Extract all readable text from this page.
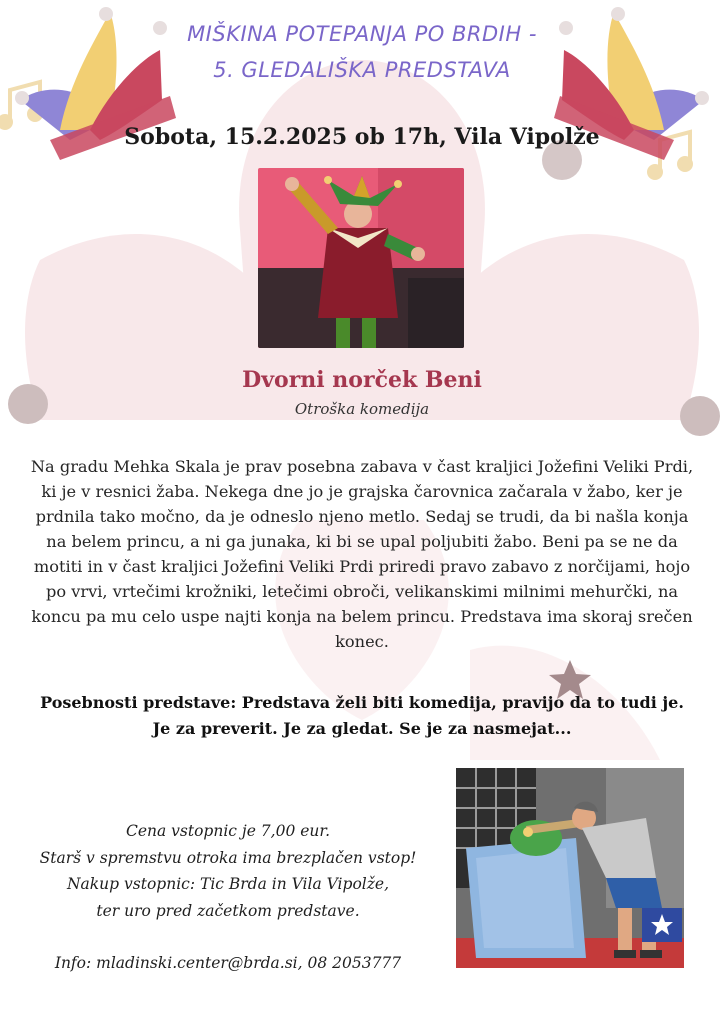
MIŠKINA POTEPANJA PO BRDIH -
5. GLEDALIŠKA PREDSTAVA
Sobota, 15.2.2025 ob 17h, Vila Vipolže
Dvorni norček Beni
Otroška komedija

Na gradu Mehka Skala je prav posebna zabava v čast kraljici Jožefini Veliki Prdi, ki je v resnici žaba. Nekega dne jo je grajska čarovnica začarala v žabo, ker je prdnila tako močno, da je odneslo njeno metlo. Sedaj se trudi, da bi našla konja na belem princu, a ni ga junaka, ki bi se upal poljubiti žabo. Beni pa se ne da motiti in v čast kraljici Jožefini Veliki Prdi priredi pravo zabavo z norčijami, hojo po vrvi, vrtečimi krožniki, letečimi obroči, velikanskimi milnimi mehurčki, na koncu pa mu celo uspe najti konja na belem princu. Predstava ima skoraj srečen konec.

Posebnosti predstave: Predstava želi biti komedija, pravijo da to tudi je.
Je za preverit. Je za gledat. Se je za nasmejat...
Cena vstopnic je 7,00 eur.
Starš v spremstvu otroka ima brezplačen vstop!
Nakup vstopnic: Tic Brda in Vila Vipolže,
ter uro pred začetkom predstave.
Info: mladinski.center@brda.si, 08 2053777
